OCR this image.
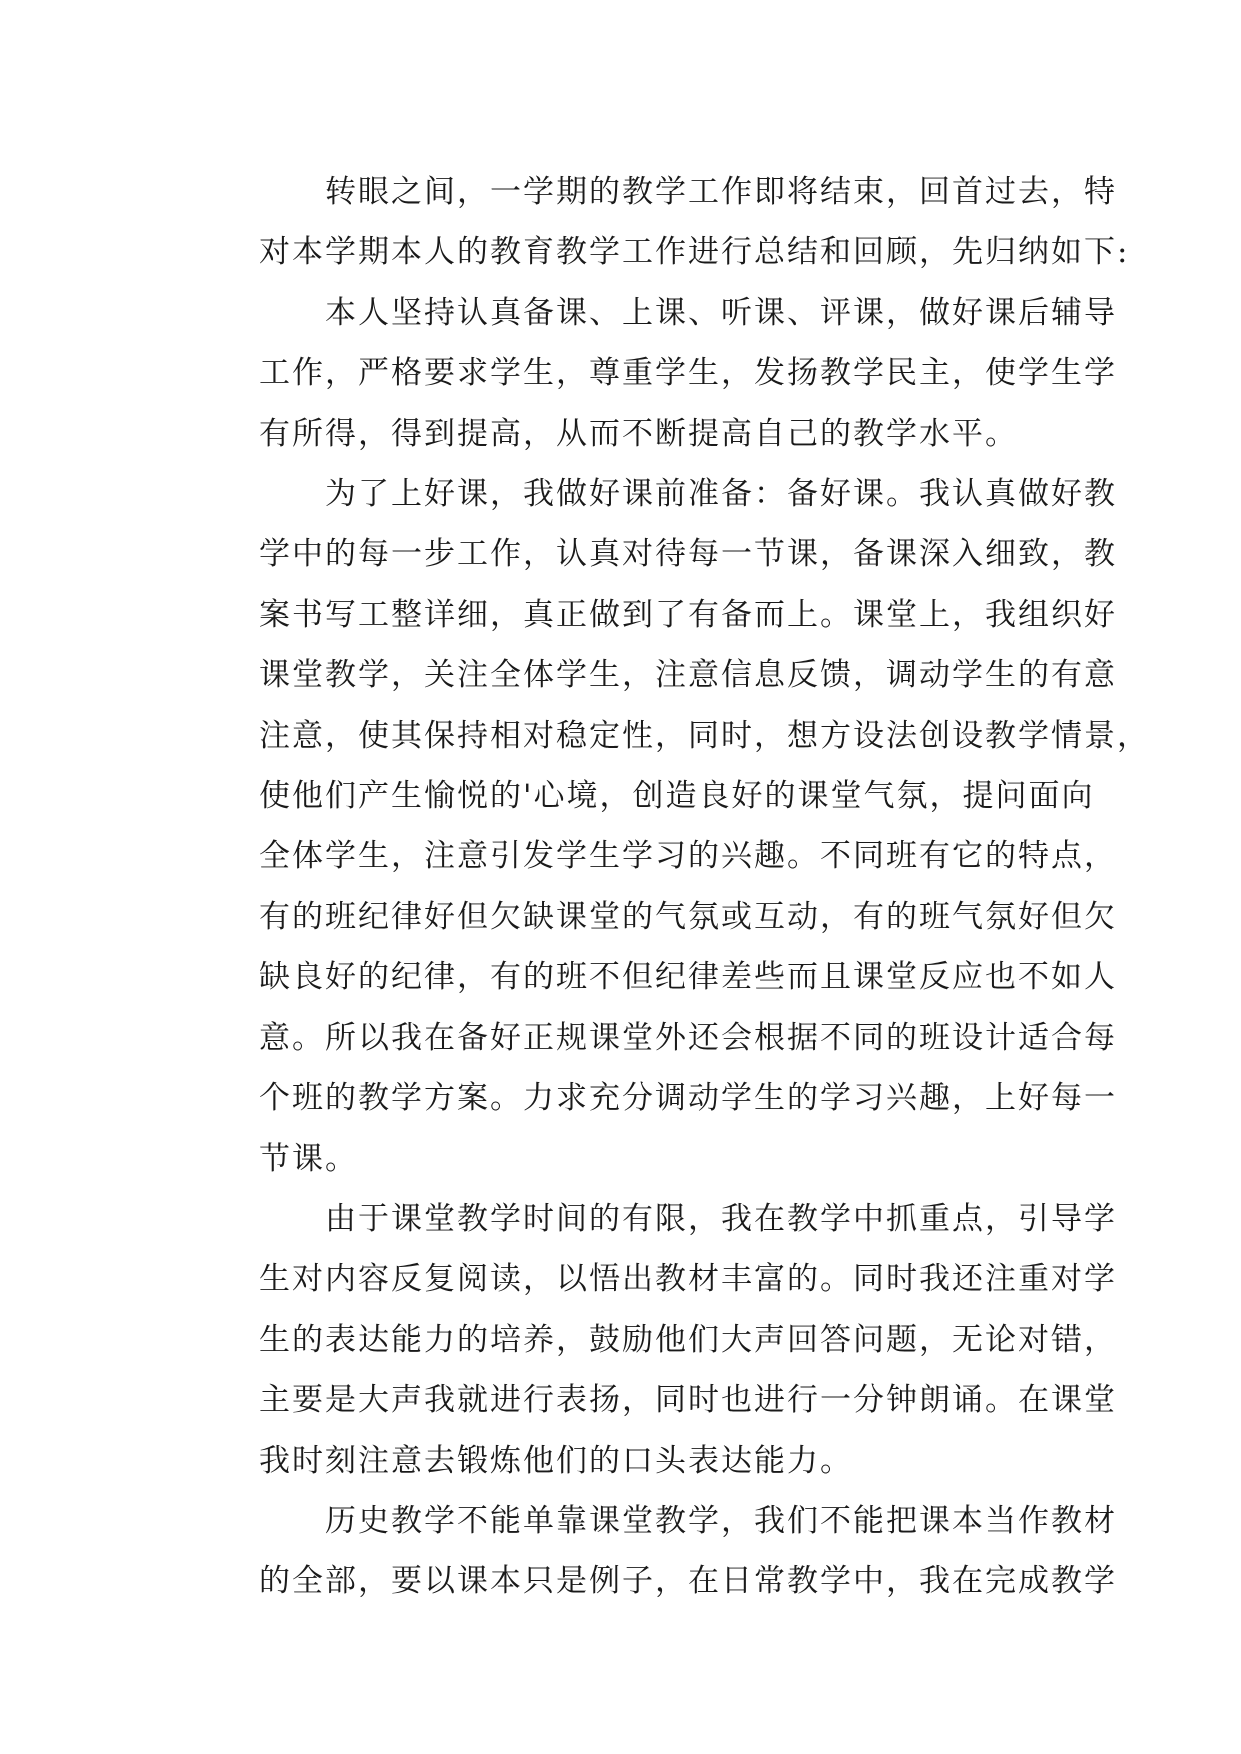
转眼之间，一学期的教学工作即将结束，回首过去，特
对本学期本人的教育教学工作进行总结和回顾，先归纳如下:
本人坚持认真备课、上课、听课、评课，做好课后辅导
工作，严格要求学生，尊重学生，发扬教学民主，使学生学
有所得，得到提高，从而不断提高自己的教学水平。
为了上好课，我做好课前准备：备好课。我认真做好教
学中的每一步工作，认真对待每一节课，备课深入细致，教
案书写工整详细，真正做到了有备而上。课堂上，我组织好
课堂教学，关注全体学生，注意信息反馈，调动学生的有意
注意，使其保持相对稳定性，同时，想方设法创设教学情景，
使他们产生愉悦的'心境，创造良好的课堂气氛，提问面向
全体学生，注意引发学生学习的兴趣。不同班有它的特点，
有的班纪律好但欠缺课堂的气氛或互动，有的班气氛好但欠
缺良好的纪律，有的班不但纪律差些而且课堂反应也不如人
意。所以我在备好正规课堂外还会根据不同的班设计适合每
个班的教学方案。力求充分调动学生的学习兴趣，上好每一
节课。
由于课堂教学时间的有限，我在教学中抓重点，引导学
生对内容反复阅读，以悟出教材丰富的。同时我还注重对学
生的表达能力的培养，鼓励他们大声回答问题，无论对错，
主要是大声我就进行表扬，同时也进行一分钟朗诵。在课堂
我时刻注意去锻炼他们的口头表达能力。
历史教学不能单靠课堂教学，我们不能把课本当作教材
的全部，要以课本只是例子，在日常教学中，我在完成教学
